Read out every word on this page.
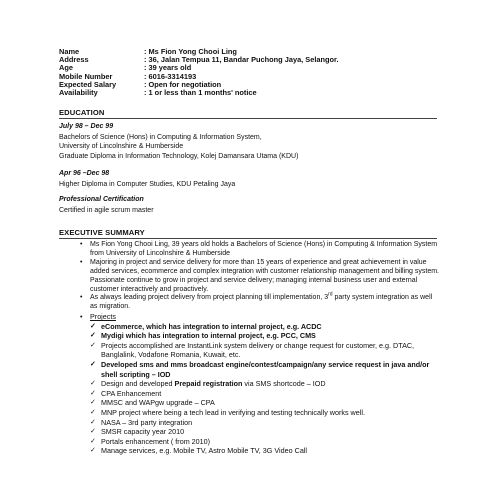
Name	: Ms Fion Yong Chooi Ling
Address	: 36, Jalan Tempua 11, Bandar Puchong Jaya, Selangor.
Age	: 39 years old
Mobile Number	: 6016-3314193
Expected Salary	: Open for negotiation
Availability	: 1 or less than 1 months' notice
EDUCATION
July 98 – Dec 99
Bachelors of Science (Hons) in Computing & Information System,
University of Lincolnshire & Humberside
Graduate Diploma in Information Technology, Kolej Damansara Utama (KDU)
Apr 96 –Dec 98
Higher Diploma in Computer Studies, KDU Petaling Jaya
Professional Certification
Certified in agile scrum master
EXECUTIVE SUMMARY
• Ms Fion Yong Chooi Ling, 39 years old holds a Bachelors of Science (Hons) in Computing & Information System from University of Lincolnshire & Humberside
• Majoring in project and service delivery for more than 15 years of experience and great achievement in value added services, ecommerce and complex integration with customer relationship management and billing system. Passionate continue to grow in project and service delivery; managing internal business user and external customer interactively and proactively.
• As always leading project delivery from project planning till implementation, 3rd party system integration as well as migration.
• Projects
✓ eCommerce, which has integration to internal project, e.g. ACDC
✓ Mydigi which has integration to internal project, e.g. PCC, CMS
✓ Projects accomplished are InstantLink system delivery or change request for customer, e.g. DTAC, Banglalink, Vodafone Romania, Kuwait, etc.
✓ Developed sms and mms broadcast engine/contest/campaign/any service request in java and/or shell scripting – IOD
✓ Design and developed Prepaid registration via SMS shortcode – IOD
✓ CPA Enhancement
✓ MMSC and WAPgw upgrade – CPA
✓ MNP project where being a tech lead in verifying and testing technically works well.
✓ NASA – 3rd party integration
✓ SMSR capacity year 2010
✓ Portals enhancement ( from 2010)
✓ Manage services, e.g. Mobile TV, Astro Mobile TV, 3G Video Call
